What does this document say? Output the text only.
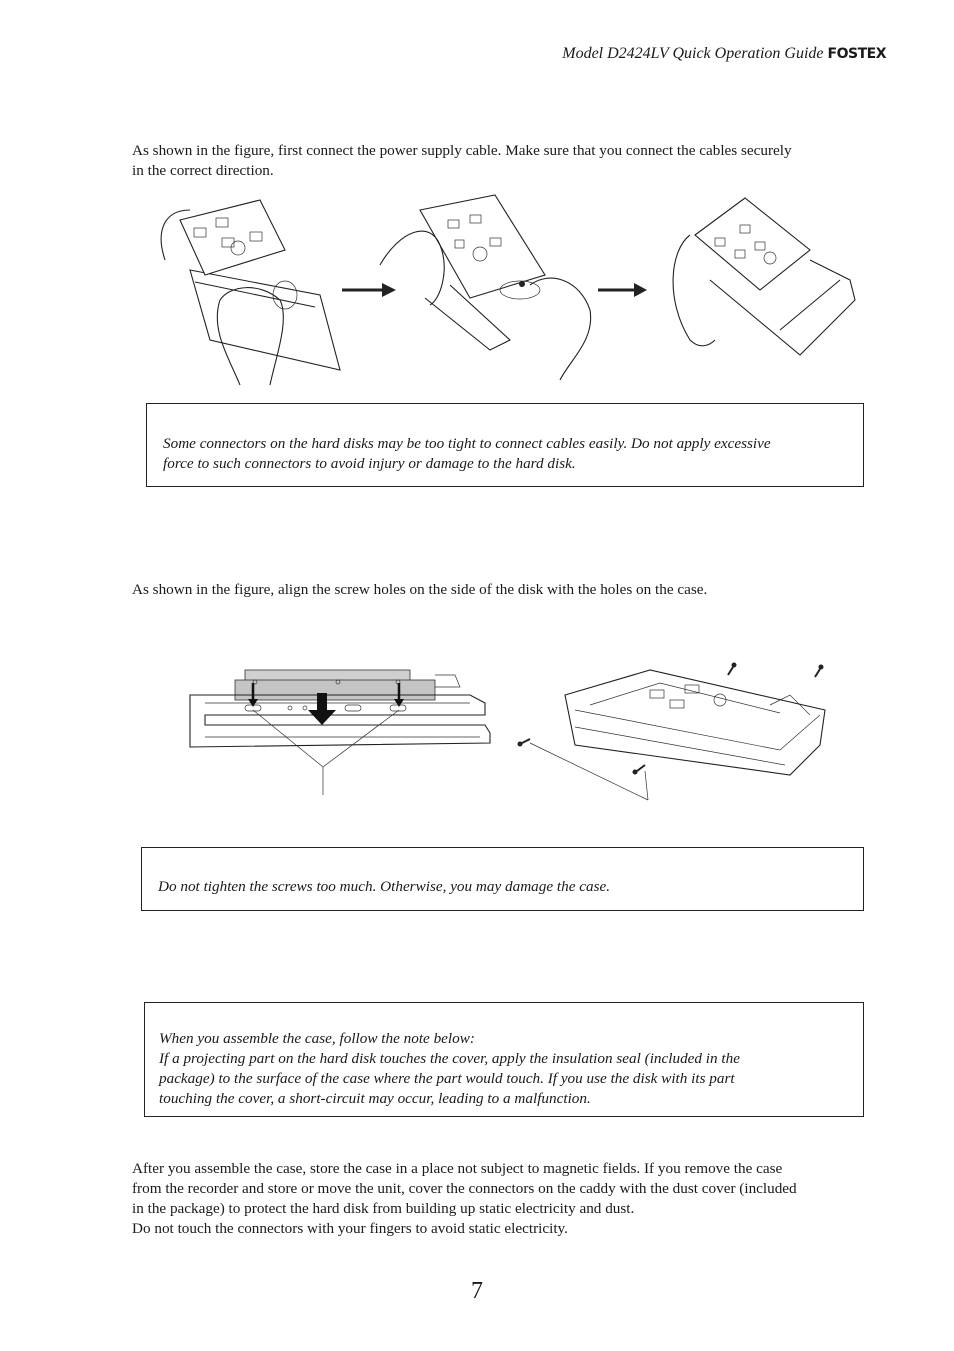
Model D2424LV Quick Operation Guide FOSTEX

As shown in the figure, first connect the power supply cable. Make sure that you connect the cables securely
in the correct direction.

Some connectors on the hard disks may be too tight to connect cables easily. Do not apply excessive
force to such connectors to avoid injury or damage to the hard disk.

As shown in the figure, align the screw holes on the side of the disk with the holes on the case.

Do not tighten the screws too much. Otherwise, you may damage the case.
When you assemble the case, follow the note below:
If a projecting part on the hard disk touches the cover, apply the insulation seal (included in the
package) to the surface of the case where the part would touch. If you use the disk with its part
touching the cover, a short-circuit may occur, leading to a malfunction.

After you assemble the case, store the case in a place not subject to magnetic fields. If you remove the case
from the recorder and store or move the unit, cover the connectors on the caddy with the dust cover (included
in the package) to protect the hard disk from building up static electricity and dust.
Do not touch the connectors with your fingers to avoid static electricity.

7
